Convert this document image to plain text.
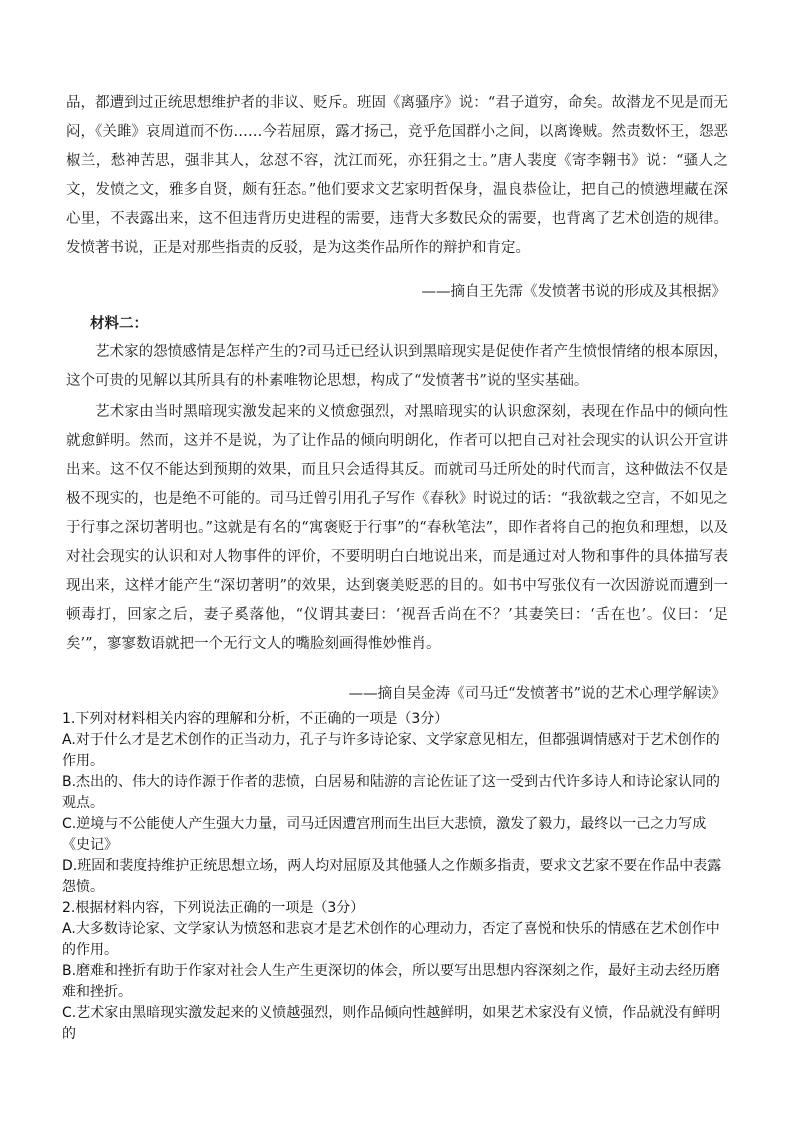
品，都遭到过正统思想维护者的非议、贬斥。班固《离骚序》说：“君子道穷，命矣。故潜龙不见是而无闷，《关雎》哀周道而不伤……今若屈原，露才扬己，竞乎危国群小之间，以离谗贼。然责数怀王，怨恶椒兰，愁神苦思，强非其人，忿怼不容，沈江而死，亦狂狷之士。”唐人裴度《寄李翱书》说：“骚人之文，发愤之文，雅多自贤，颇有狂态。”他们要求文艺家明哲保身，温良恭俭让，把自己的愤懑埋藏在深心里，不表露出来，这不但违背历史进程的需要，违背大多数民众的需要，也背离了艺术创造的规律。发愤著书说，正是对那些指责的反驳，是为这类作品所作的辩护和肯定。

——摘自王先霈《发愤著书说的形成及其根据》

材料二：

艺术家的怨愤感情是怎样产生的?司马迁已经认识到黑暗现实是促使作者产生愤恨情绪的根本原因，这个可贵的见解以其所具有的朴素唯物论思想，构成了“发愤著书”说的坚实基础。

艺术家由当时黑暗现实激发起来的义愤愈强烈，对黑暗现实的认识愈深刻，表现在作品中的倾向性就愈鲜明。然而，这并不是说，为了让作品的倾向明朗化，作者可以把自己对社会现实的认识公开宣讲出来。这不仅不能达到预期的效果，而且只会适得其反。而就司马迁所处的时代而言，这种做法不仅是极不现实的，也是绝不可能的。司马迁曾引用孔子写作《春秋》时说过的话：“我欲载之空言，不如见之于行事之深切著明也。”这就是有名的“寓褒贬于行事”的“春秋笔法”，即作者将自己的抱负和理想，以及对社会现实的认识和对人物事件的评价，不要明明白白地说出来，而是通过对人物和事件的具体描写表现出来，这样才能产生“深切著明”的效果，达到褒美贬恶的目的。如书中写张仪有一次因游说而遭到一顿毒打，回家之后，妻子奚落他，“仪谓其妻曰：‘视吾舌尚在不？’其妻笑曰：‘舌在也’。仪曰：‘足矣’”，寥寥数语就把一个无行文人的嘴脸刻画得惟妙惟肖。

——摘自吴金涛《司马迁“发愤著书”说的艺术心理学解读》

1.下列对材料相关内容的理解和分析，不正确的一项是（3分）
A.对于什么才是艺术创作的正当动力，孔子与许多诗论家、文学家意见相左，但都强调情感对于艺术创作的作用。
B.杰出的、伟大的诗作源于作者的悲愤，白居易和陆游的言论佐证了这一受到古代许多诗人和诗论家认同的观点。
C.逆境与不公能使人产生强大力量，司马迁因遭宫刑而生出巨大悲愤，激发了毅力，最终以一己之力写成《史记》
D.班固和裴度持维护正统思想立场，两人均对屈原及其他骚人之作颇多指责，要求文艺家不要在作品中表露怨愤。
2.根据材料内容，下列说法正确的一项是（3分）
A.大多数诗论家、文学家认为愤怒和悲哀才是艺术创作的心理动力，否定了喜悦和快乐的情感在艺术创作中的作用。
B.磨难和挫折有助于作家对社会人生产生更深切的体会，所以要写出思想内容深刻之作，最好主动去经历磨难和挫折。
C.艺术家由黑暗现实激发起来的义愤越强烈，则作品倾向性越鲜明，如果艺术家没有义愤，作品就没有鲜明的
